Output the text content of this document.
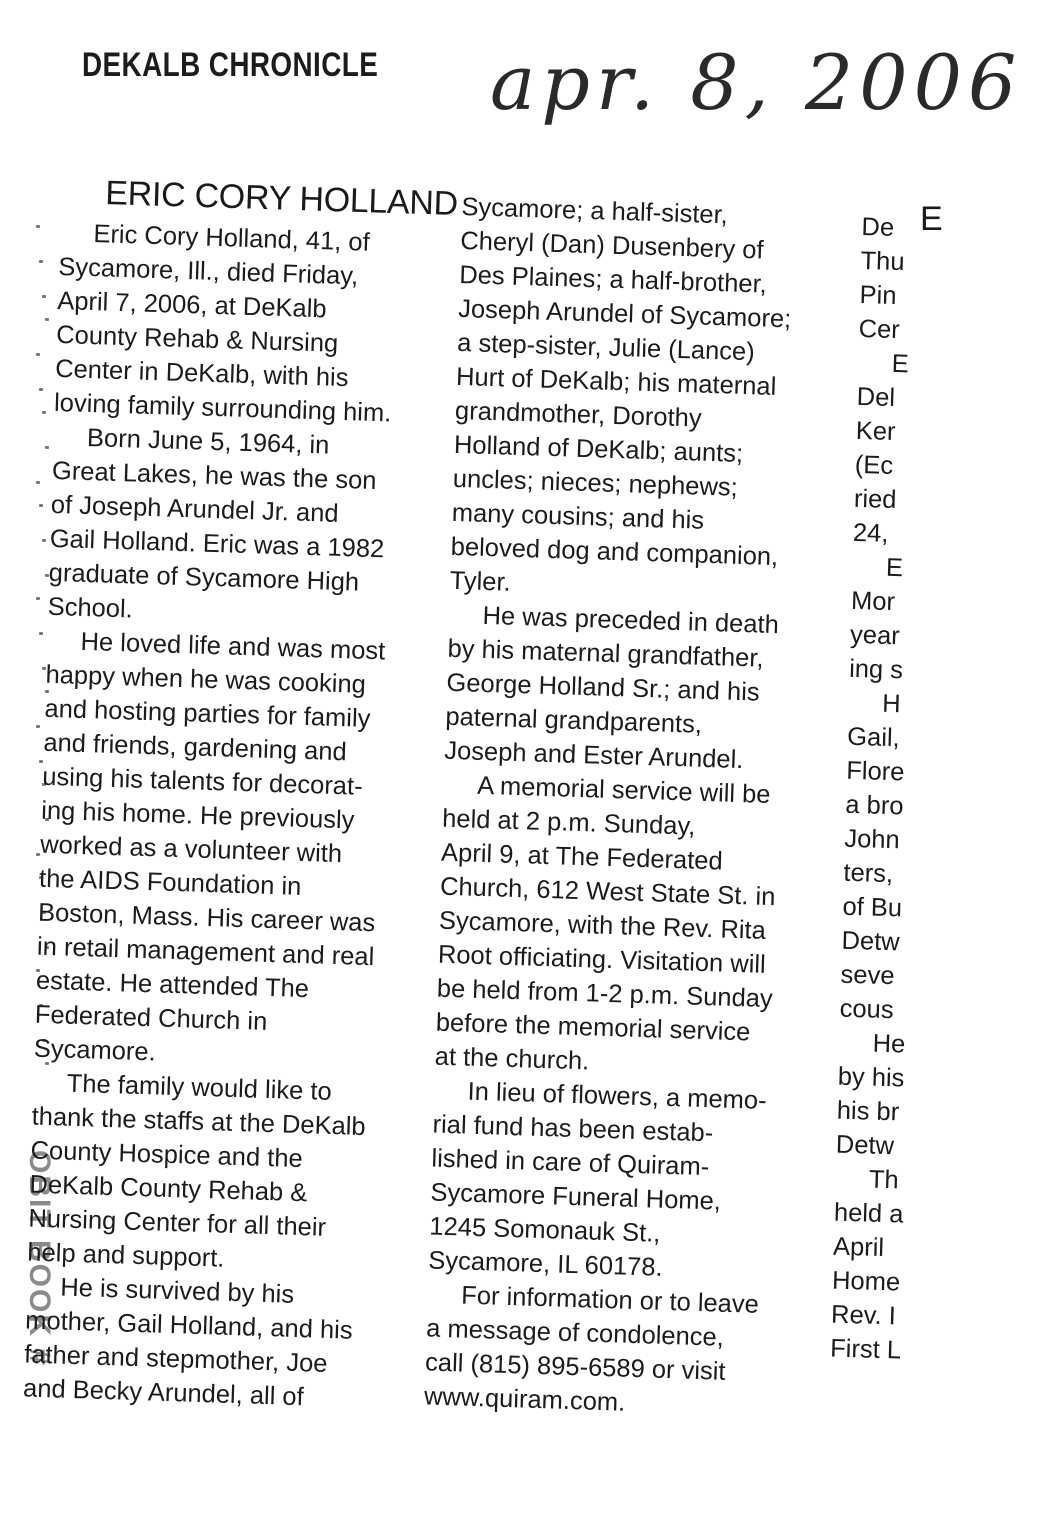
DEKALB CHRONICLE apr. 8, 2006
OBIT BOOK #
ERIC CORY HOLLAND
Eric Cory Holland, 41, of
Sycamore, Ill., died Friday,
April 7, 2006, at DeKalb
County Rehab & Nursing
Center in DeKalb, with his
loving family surrounding him.
Born June 5, 1964, in
Great Lakes, he was the son
of Joseph Arundel Jr. and
Gail Holland. Eric was a 1982
graduate of Sycamore High
School.
He loved life and was most
happy when he was cooking
and hosting parties for family
and friends, gardening and
using his talents for decorat-
ing his home. He previously
worked as a volunteer with
the AIDS Foundation in
Boston, Mass. His career was
in retail management and real
estate. He attended The
Federated Church in
Sycamore.
The family would like to
thank the staffs at the DeKalb
County Hospice and the
DeKalb County Rehab &
Nursing Center for all their
help and support.
He is survived by his
mother, Gail Holland, and his
father and stepmother, Joe
and Becky Arundel, all of
Sycamore; a half-sister,
Cheryl (Dan) Dusenbery of
Des Plaines; a half-brother,
Joseph Arundel of Sycamore;
a step-sister, Julie (Lance)
Hurt of DeKalb; his maternal
grandmother, Dorothy
Holland of DeKalb; aunts;
uncles; nieces; nephews;
many cousins; and his
beloved dog and companion,
Tyler.
He was preceded in death
by his maternal grandfather,
George Holland Sr.; and his
paternal grandparents,
Joseph and Ester Arundel.
A memorial service will be
held at 2 p.m. Sunday,
April 9, at The Federated
Church, 612 West State St. in
Sycamore, with the Rev. Rita
Root officiating. Visitation will
be held from 1-2 p.m. Sunday
before the memorial service
at the church.
In lieu of flowers, a memo-
rial fund has been estab-
lished in care of Quiram-
Sycamore Funeral Home,
1245 Somonauk St.,
Sycamore, IL 60178.
For information or to leave
a message of condolence,
call (815) 895-6589 or visit
www.quiram.com.
De
Thu
Pin
Cer
E
Del
Ker
(Ec
ried
24,
E
Mor
year
ing s
H
Gail,
Flore
a bro
John
ters,
of Bu
Detw
seve
cous
He
by his
his br
Detw
Th
held a
April
Home
Rev. I
First L
E
